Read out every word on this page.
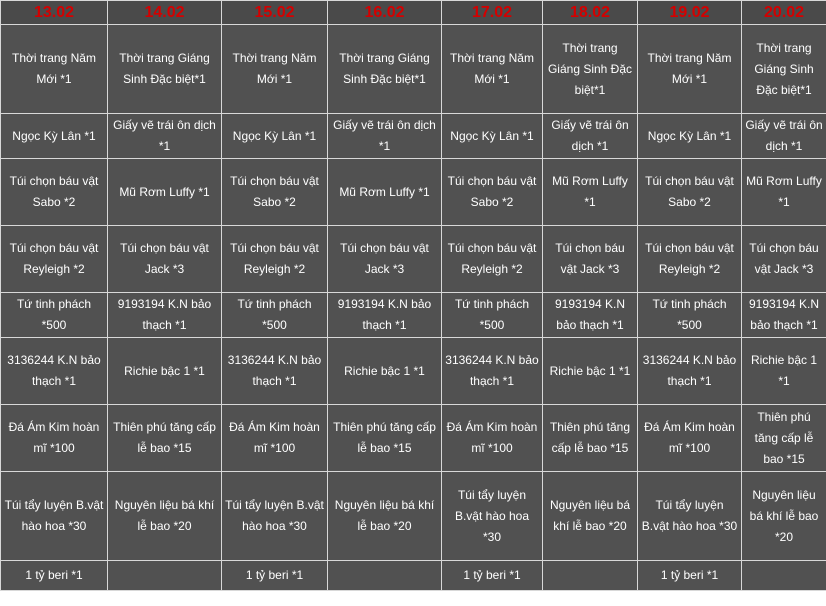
13.02	14.02	15.02	16.02	17.02	18.02	19.02	20.02
Thời trang Năm Mới *1	Thời trang Giáng Sinh Đặc biệt*1	Thời trang Năm Mới *1	Thời trang Giáng Sinh Đặc biệt*1	Thời trang Năm Mới *1	Thời trang Giáng Sinh Đặc biệt*1	Thời trang Năm Mới *1	Thời trang Giáng Sinh Đặc biệt*1
Ngọc Kỳ Lân *1	Giấy vẽ trái ôn dịch *1	Ngọc Kỳ Lân *1	Giấy vẽ trái ôn dịch *1	Ngọc Kỳ Lân *1	Giấy vẽ trái ôn dịch *1	Ngọc Kỳ Lân *1	Giấy vẽ trái ôn dịch *1
Túi chọn báu vật Sabo *2	Mũ Rơm Luffy *1	Túi chọn báu vật Sabo *2	Mũ Rơm Luffy *1	Túi chọn báu vật Sabo *2	Mũ Rơm Luffy *1	Túi chọn báu vật Sabo *2	Mũ Rơm Luffy *1
Túi chọn báu vật Reyleigh *2	Túi chọn báu vật Jack *3	Túi chọn báu vật Reyleigh *2	Túi chọn báu vật Jack *3	Túi chọn báu vật Reyleigh *2	Túi chọn báu vật Jack *3	Túi chọn báu vật Reyleigh *2	Túi chọn báu vật Jack *3
Tứ tinh phách *500	9193194 K.N bảo thạch *1	Tứ tinh phách *500	9193194 K.N bảo thạch *1	Tứ tinh phách *500	9193194 K.N bảo thạch *1	Tứ tinh phách *500	9193194 K.N bảo thạch *1
3136244 K.N bảo thạch *1	Richie bậc 1 *1	3136244 K.N bảo thạch *1	Richie bậc 1 *1	3136244 K.N bảo thạch *1	Richie bậc 1 *1	3136244 K.N bảo thạch *1	Richie bậc 1 *1
Đá Ám Kim hoàn mĩ *100	Thiên phú tăng cấp lễ bao *15	Đá Ám Kim hoàn mĩ *100	Thiên phú tăng cấp lễ bao *15	Đá Ám Kim hoàn mĩ *100	Thiên phú tăng cấp lễ bao *15	Đá Ám Kim hoàn mĩ *100	Thiên phú tăng cấp lễ bao *15
Túi tẩy luyện B.vật hào hoa *30	Nguyên liệu bá khí lễ bao *20	Túi tẩy luyện B.vật hào hoa *30	Nguyên liệu bá khí lễ bao *20	Túi tẩy luyện B.vật hào hoa *30	Nguyên liệu bá khí lễ bao *20	Túi tẩy luyện B.vật hào hoa *30	Nguyên liệu bá khí lễ bao *20
1 tỷ beri *1		1 tỷ beri *1		1 tỷ beri *1		1 tỷ beri *1	
